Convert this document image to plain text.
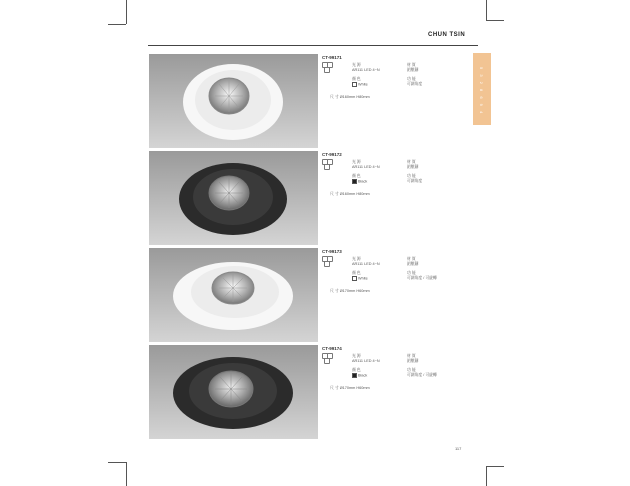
CHUN TSIN
5 3 2 8 6 9 4
CT-99171
光 源	材 質
AR111 LED 4~N	鋁壓鑄
顏 色	功 能
White	可調角度
尺 寸 Ø160mm H80mm
CT-99172
光 源	材 質
AR111 LED 4~N	鋁壓鑄
顏 色	功 能
Black	可調角度
尺 寸 Ø160mm H80mm
CT-99173
光 源	材 質
AR111 LED 4~N	鋁壓鑄
顏 色	功 能
White	可調角度 / 可旋轉
尺 寸 Ø170mm H60mm
CT-99174
光 源	材 質
AR111 LED 4~N	鋁壓鑄
顏 色	功 能
Black	可調角度 / 可旋轉
尺 寸 Ø170mm H60mm
117
